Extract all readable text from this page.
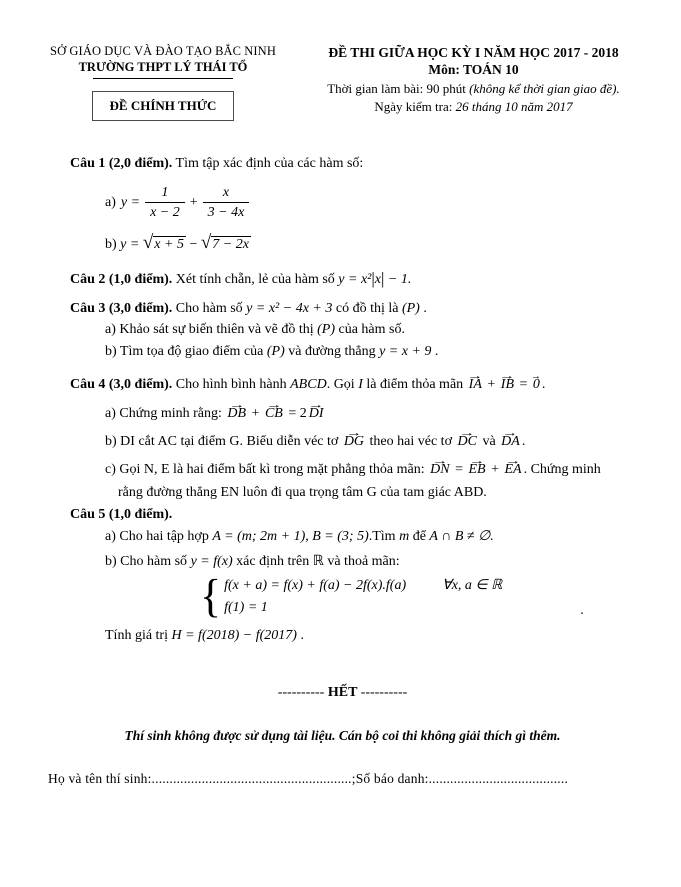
SỞ GIÁO DỤC VÀ ĐÀO TẠO BẮC NINH
TRƯỜNG THPT LÝ THÁI TỔ
ĐỀ CHÍNH THỨC
ĐỀ THI GIỮA HỌC KỲ I NĂM HỌC 2017 - 2018
Môn: TOÁN 10
Thời gian làm bài: 90 phút (không kể thời gian giao đề).
Ngày kiểm tra: 26 tháng 10 năm 2017
Câu 1 (2,0 điểm). Tìm tập xác định của các hàm số:
a) $y = \frac{1}{x - 2} + \frac{x}{3 - 4x}$
b) y = √x + 5 − √7 − 2x
Câu 2 (1,0 điểm). Xét tính chẵn, lẻ của hàm số y = x²|x| − 1.
Câu 3 (3,0 điểm). Cho hàm số y = x² − 4x + 3 có đồ thị là (P) .
a) Khảo sát sự biến thiên và vẽ đồ thị (P) của hàm số.
b) Tìm tọa độ giao điểm của (P) và đường thẳng y = x + 9 .
Câu 4 (3,0 điểm). Cho hình bình hành ABCD. Gọi I là điểm thỏa mãn IA → + IB → = 0 → .
a) Chứng minh rằng: DB → + CB → = 2 DI →
b) DI cắt AC tại điểm G. Biểu diễn véc tơ DG → theo hai véc tơ DC → và DA → .
c) Gọi N, E là hai điểm bất kì trong mặt phẳng thỏa mãn: DN → = EB → + EA → . Chứng minh
rằng đường thẳng EN luôn đi qua trọng tâm G của tam giác ABD.
Câu 5 (1,0 điểm).
a) Cho hai tập hợp A = (m; 2m + 1), B = (3; 5).Tìm m để A ∩ B ≠ ∅.
b) Cho hàm số y = f(x) xác định trên ℝ và thoả mãn:
{ f(x + a) = f(x) + f(a) − 2f(x).f(a)	∀x, a ∈ ℝ
f(1) = 1	.
Tính giá trị H = f(2018) − f(2017) .
---------- HẾT ----------
Thí sinh không được sử dụng tài liệu. Cán bộ coi thi không giải thích gì thêm.
Họ và tên thí sinh:........................................................;Số báo danh:.......................................
